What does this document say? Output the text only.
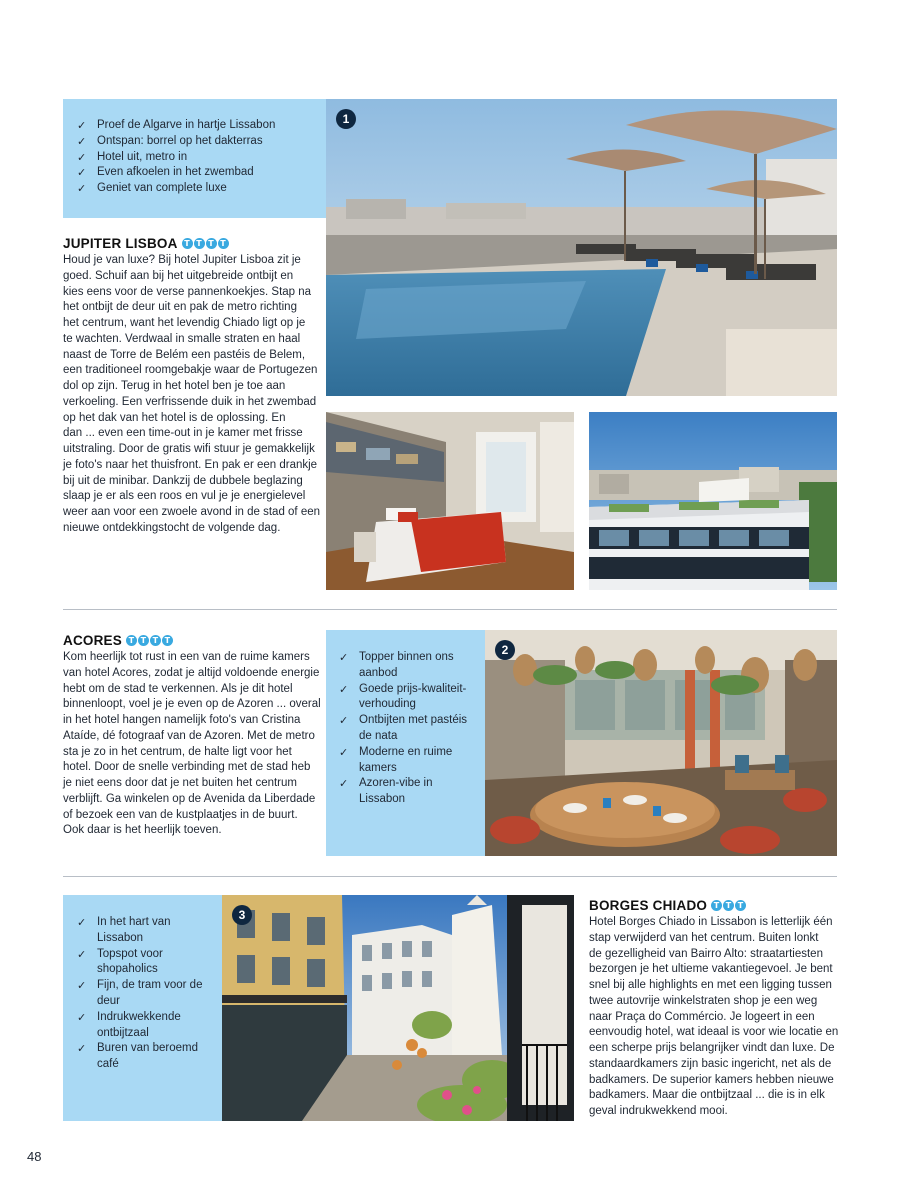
✓ Proef de Algarve in hartje Lissabon
✓ Ontspan: borrel op het dakterras
✓ Hotel uit, metro in
✓ Even afkoelen in het zwembad
✓ Geniet van complete luxe
1
JUPITER LISBOA T T T T
Houd je van luxe? Bij hotel Jupiter Lisboa zit je
goed. Schuif aan bij het uitgebreide ontbijt en
kies eens voor de verse pannenkoekjes. Stap na
het ontbijt de deur uit en pak de metro richting
het centrum, want het levendig Chiado ligt op je
te wachten. Verdwaal in smalle straten en haal
naast de Torre de Belém een pastéis de Belem,
een traditioneel roomgebakje waar de Portugezen
dol op zijn. Terug in het hotel ben je toe aan
verkoeling. Een verfrissende duik in het zwembad
op het dak van het hotel is de oplossing. En
dan ... even een time-out in je kamer met frisse
uitstraling. Door de gratis wifi stuur je gemakkelijk
je foto's naar het thuisfront. En pak er een drankje
bij uit de minibar. Dankzij de dubbele beglazing
slaap je er als een roos en vul je je energielevel
weer aan voor een zwoele avond in de stad of een
nieuwe ontdekkingstocht de volgende dag.
ACORES T T T T
Kom heerlijk tot rust in een van de ruime kamers
van hotel Acores, zodat je altijd voldoende energie
hebt om de stad te verkennen. Als je dit hotel
binnenloopt, voel je je even op de Azoren ... overal
in het hotel hangen namelijk foto's van Cristina
Ataíde, dé fotograaf van de Azoren. Met de metro
sta je zo in het centrum, de halte ligt voor het
hotel. Door de snelle verbinding met de stad heb
je niet eens door dat je net buiten het centrum
verblijft. Ga winkelen op de Avenida da Liberdade
of bezoek een van de kustplaatjes in de buurt.
Ook daar is het heerlijk toeven.
✓ Topper binnen ons
aanbod
✓ Goede prijs-kwaliteit-
verhouding
✓ Ontbijten met pastéis
de nata
✓ Moderne en ruime
kamers
✓ Azoren-vibe in
Lissabon
2
✓ In het hart van
Lissabon
✓ Topspot voor
shopaholics
✓ Fijn, de tram voor de
deur
✓ Indrukwekkende
ontbijtzaal
✓ Buren van beroemd
café
3
BORGES CHIADO T T T
Hotel Borges Chiado in Lissabon is letterlijk één
stap verwijderd van het centrum. Buiten lonkt
de gezelligheid van Bairro Alto: straatartiesten
bezorgen je het ultieme vakantiegevoel. Je bent
snel bij alle highlights en met een ligging tussen
twee autovrije winkelstraten shop je een weg
naar Praça do Commércio. Je logeert in een
eenvoudig hotel, wat ideaal is voor wie locatie en
een scherpe prijs belangrijker vindt dan luxe. De
standaardkamers zijn basic ingericht, net als de
badkamers. De superior kamers hebben nieuwe
badkamers. Maar die ontbijtzaal ... die is in elk
geval indrukwekkend mooi.
48
